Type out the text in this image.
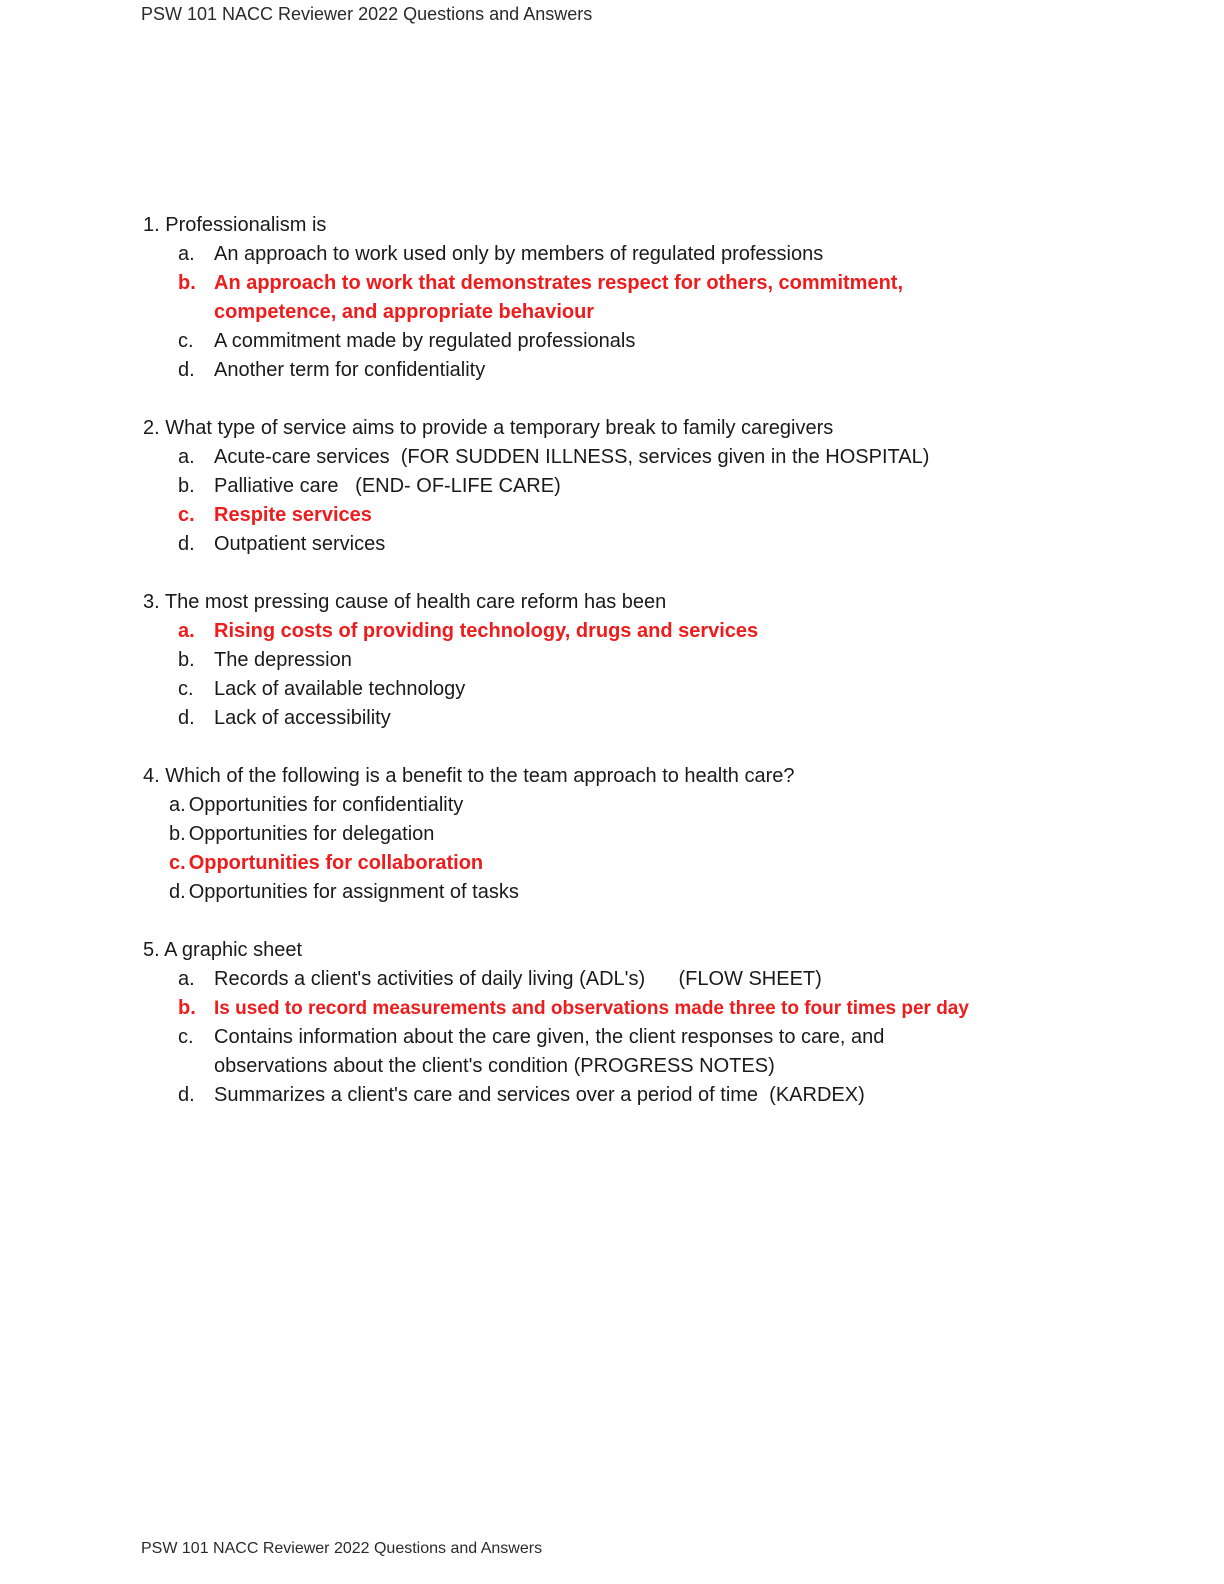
PSW 101 NACC Reviewer 2022 Questions and Answers
1. Professionalism is
a. An approach to work used only by members of regulated professions
b. An approach to work that demonstrates respect for others, commitment, competence, and appropriate behaviour
c. A commitment made by regulated professionals
d. Another term for confidentiality
2. What type of service aims to provide a temporary break to family caregivers
a. Acute-care services  (FOR SUDDEN ILLNESS, services given in the HOSPITAL)
b. Palliative care   (END- OF-LIFE CARE)
c. Respite services
d. Outpatient services
3. The most pressing cause of health care reform has been
a. Rising costs of providing technology, drugs and services
b. The depression
c. Lack of available technology
d. Lack of accessibility
4. Which of the following is a benefit to the team approach to health care?
a. Opportunities for confidentiality
b. Opportunities for delegation
c. Opportunities for collaboration
d. Opportunities for assignment of tasks
5. A graphic sheet
a. Records a client's activities of daily living (ADL's)      (FLOW SHEET)
b. Is used to record measurements and observations made three to four times per day
c. Contains information about the care given, the client responses to care, and observations about the client's condition (PROGRESS NOTES)
d. Summarizes a client's care and services over a period of time  (KARDEX)
PSW 101 NACC Reviewer 2022 Questions and Answers
